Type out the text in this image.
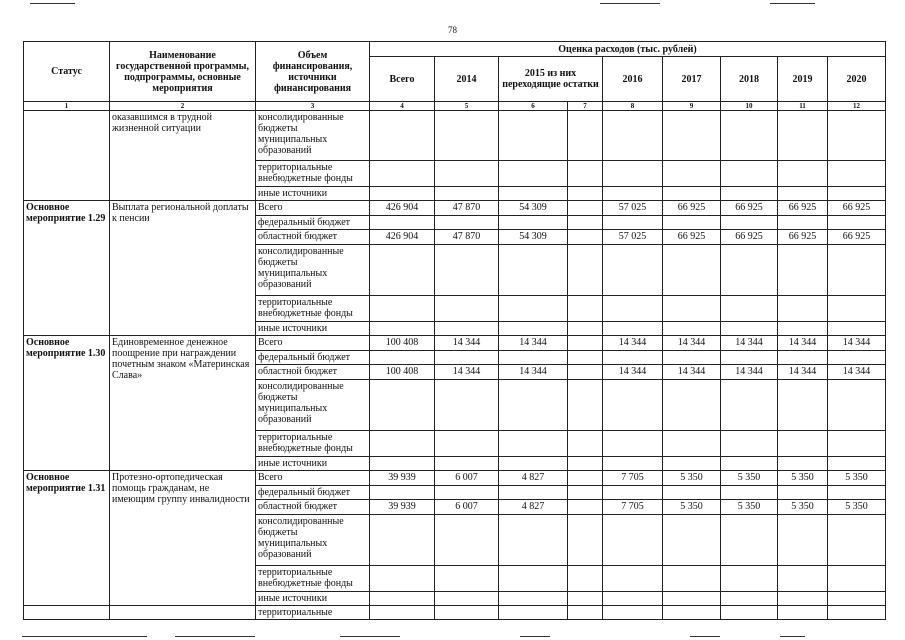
78
Статус	Наименование государственной программы, подпрограммы, основные мероприятия	Объем финансирования, источники финансирования	Оценка расходов (тыс. рублей)								
			Всего	2014	2015 из них переходящие остатки		2016	2017	2018	2019	2020
1	2	3	4	5	6	7	8	9	10	11	12
	оказавшимся в трудной жизненной ситуации	консолидированные бюджеты муниципальных образований									
		территориальные внебюджетные фонды									
		иные источники									
Основное мероприятие 1.29	Выплата региональной доплаты к пенсии	Всего	426 904	47 870	54 309		57 025	66 925	66 925	66 925	66 925
		федеральный бюджет									
		областной бюджет	426 904	47 870	54 309		57 025	66 925	66 925	66 925	66 925
		консолидированные бюджеты муниципальных образований									
		территориальные внебюджетные фонды									
		иные источники									
Основное мероприятие 1.30	Единовременное денежное поощрение при награждении почетным знаком «Материнская Слава»	Всего	100 408	14 344	14 344		14 344	14 344	14 344	14 344	14 344
		федеральный бюджет									
		областной бюджет	100 408	14 344	14 344		14 344	14 344	14 344	14 344	14 344
		консолидированные бюджеты муниципальных образований									
		территориальные внебюджетные фонды									
		иные источники									
Основное мероприятие 1.31	Протезно-ортопедическая помощь гражданам, не имеющим группу инвалидности	Всего	39 939	6 007	4 827		7 705	5 350	5 350	5 350	5 350
		федеральный бюджет									
		областной бюджет	39 939	6 007	4 827		7 705	5 350	5 350	5 350	5 350
		консолидированные бюджеты муниципальных образований									
		территориальные внебюджетные фонды									
		иные источники									
		территориальные									
